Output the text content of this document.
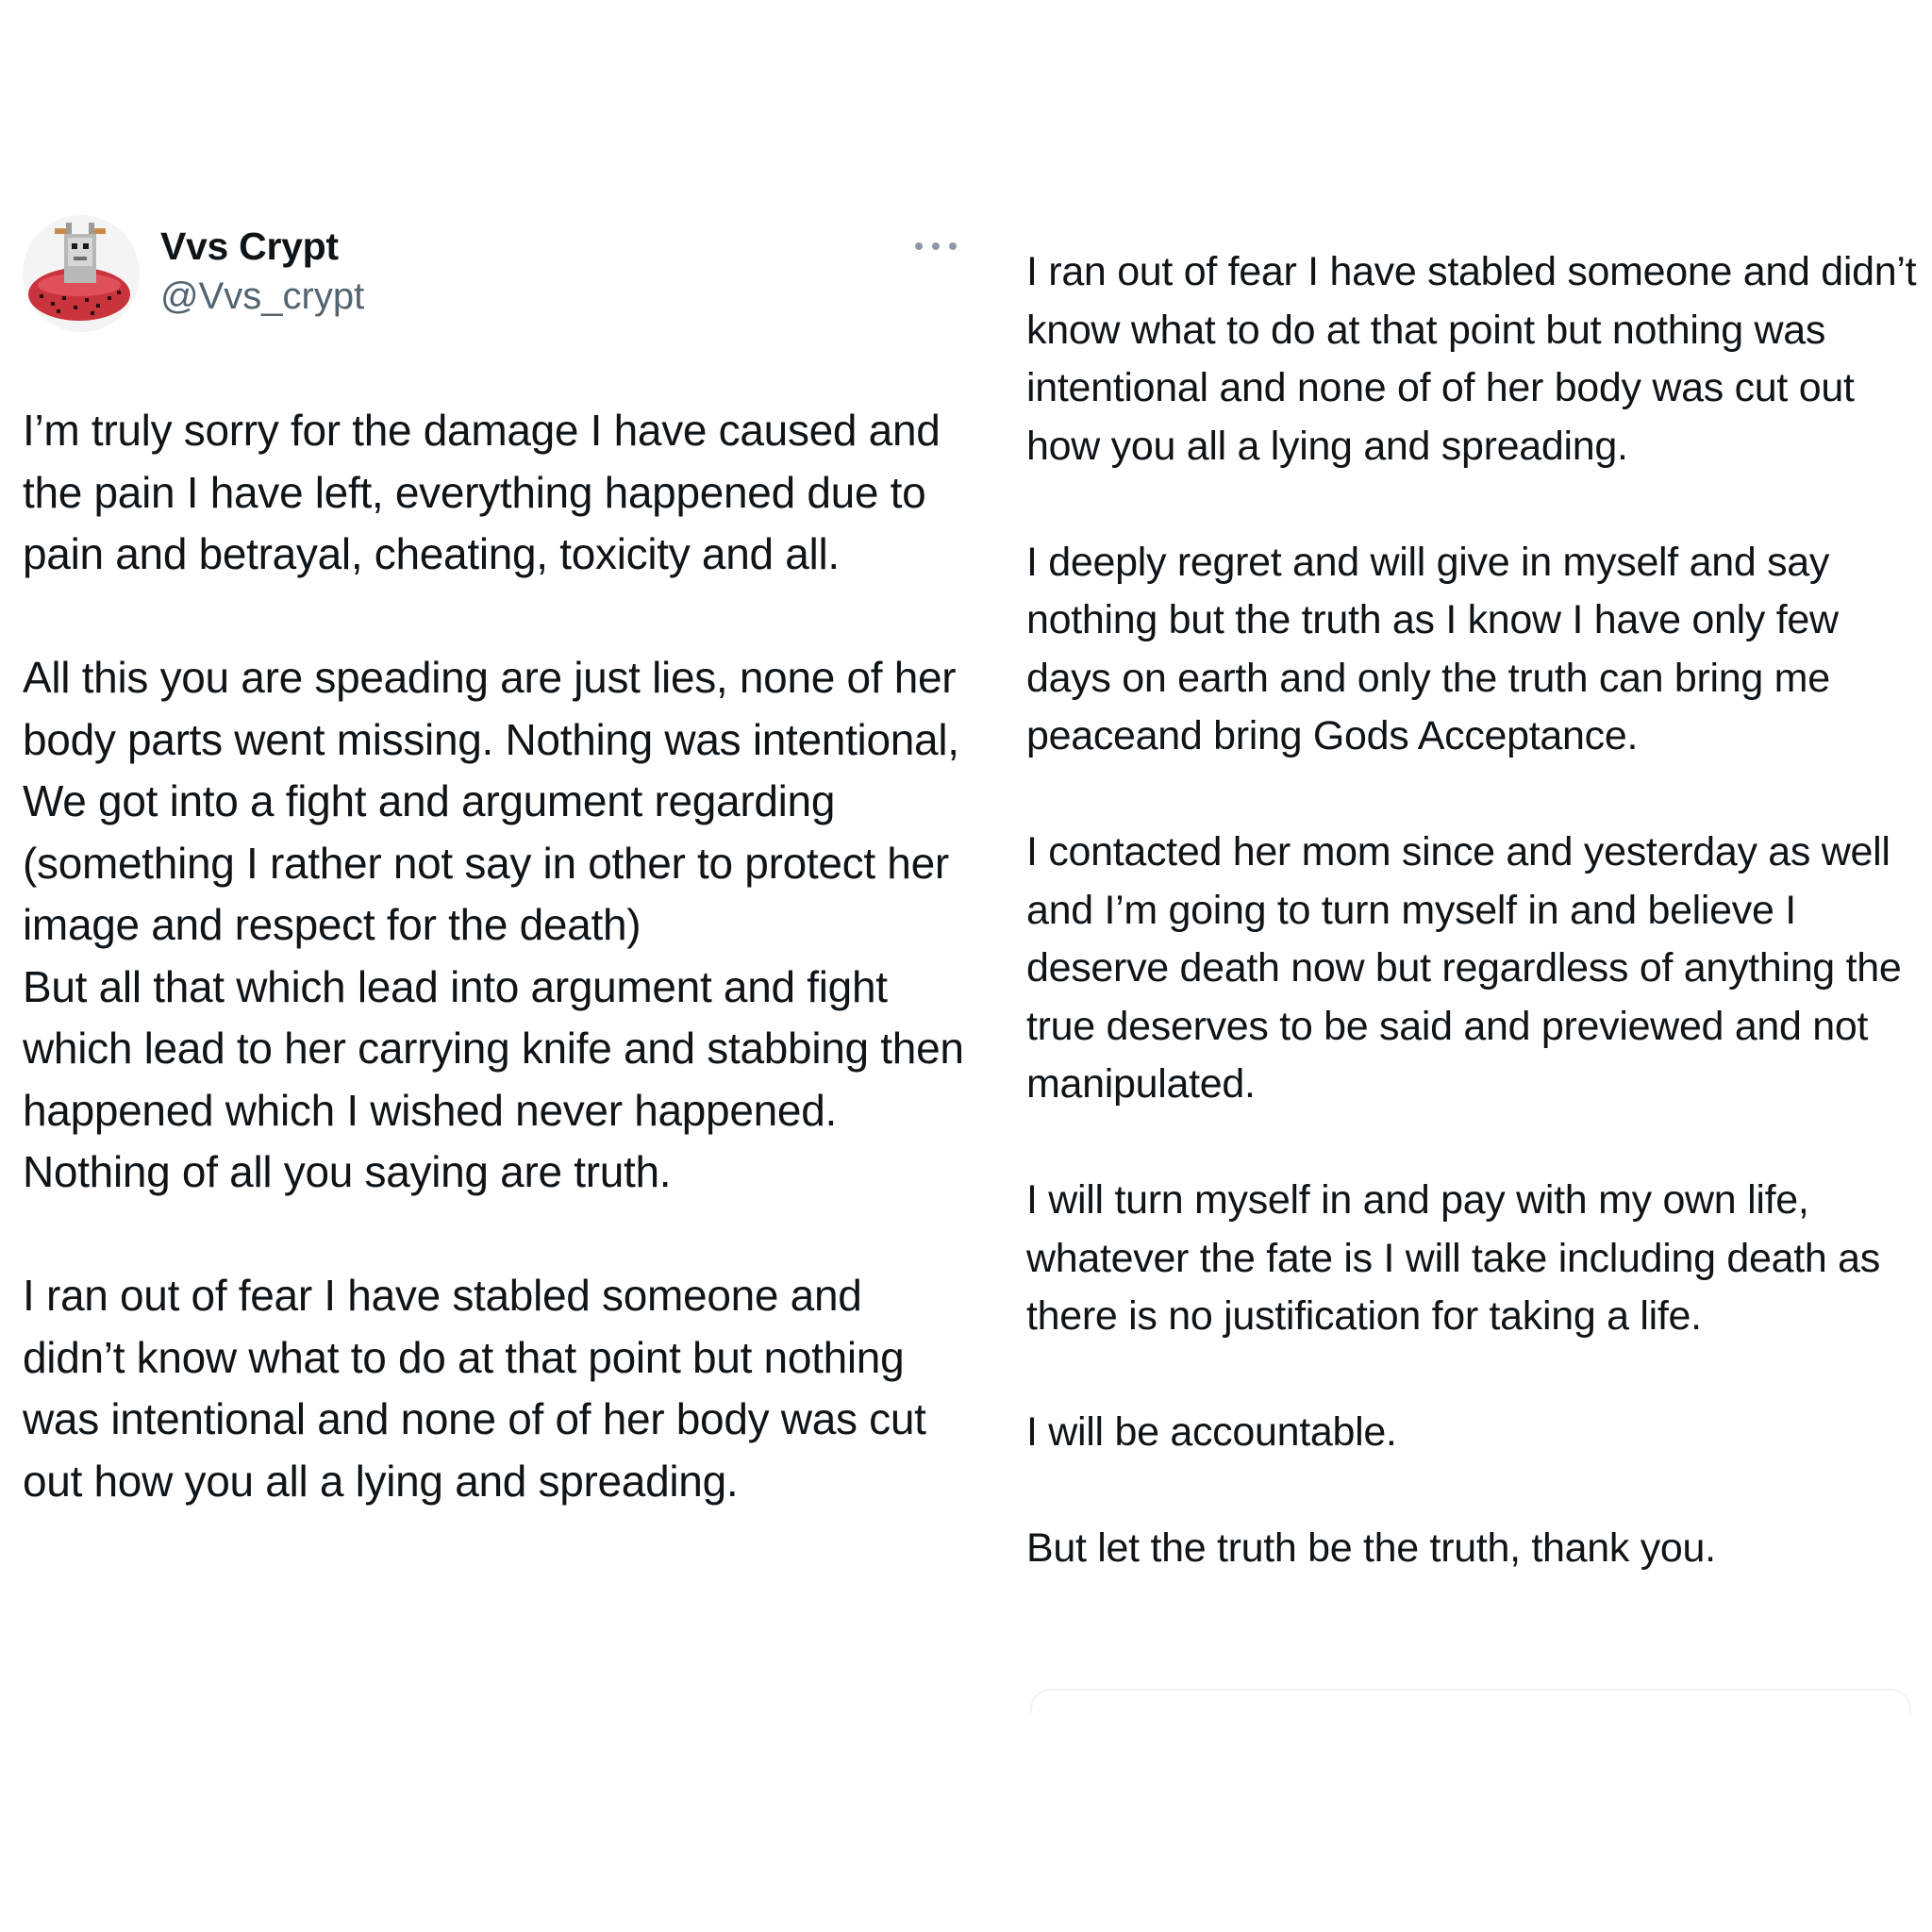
Vvs Crypt
@Vvs_crypt
I’m truly sorry for the damage I have caused and the pain I have left, everything happened due to pain and betrayal, cheating, toxicity and all.

All this you are speading are just lies, none of her body parts went missing. Nothing was intentional, We got into a fight and argument regarding (something I rather not say in other to protect her image and respect for the death)
But all that which lead into argument and fight which lead to her carrying knife and stabbing then happened which I wished never happened. Nothing of all you saying are truth.

I ran out of fear I have stabled someone and didn’t know what to do at that point but nothing was intentional and none of of her body was cut out how you all a lying and spreading.
I ran out of fear I have stabled someone and didn’t know what to do at that point but nothing was intentional and none of of her body was cut out how you all a lying and spreading.

I deeply regret and will give in myself and say nothing but the truth as I know I have only few days on earth and only the truth can bring me peaceand bring Gods Acceptance.

I contacted her mom since and yesterday as well and I’m going to turn myself in and believe I deserve death now but regardless of anything the true deserves to be said and previewed and not manipulated.

I will turn myself in and pay with my own life, whatever the fate is I will take including death as there is no justification for taking a life.

I will be accountable.

But let the truth be the truth, thank you.
